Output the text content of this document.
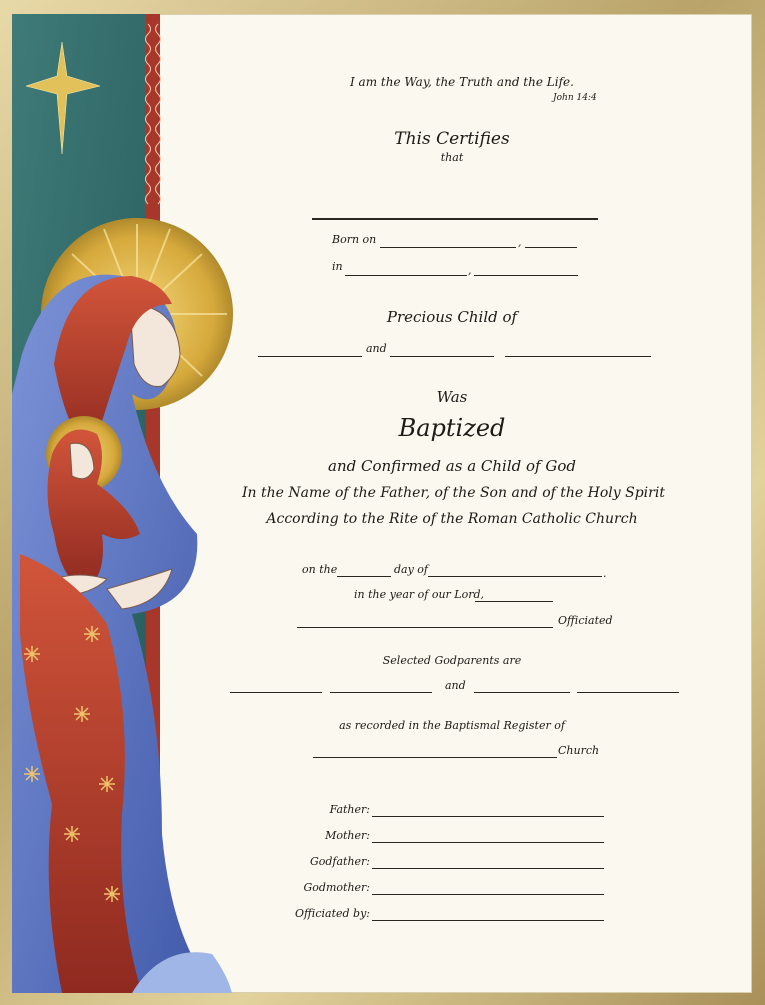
I am the Way, the Truth and the Life.
John 14:4
This Certifies
that
Born on	,
in	,
Precious Child of
and
Was
Baptized
and Confirmed as a Child of God
In the Name of the Father, of the Son and of the Holy Spirit
According to the Rite of the Roman Catholic Church
on the	day of	.
in the year of our Lord,
Officiated
Selected Godparents are
and
as recorded in the Baptismal Register of
Church
Father:
Mother:
Godfather:
Godmother:
Officiated by:
